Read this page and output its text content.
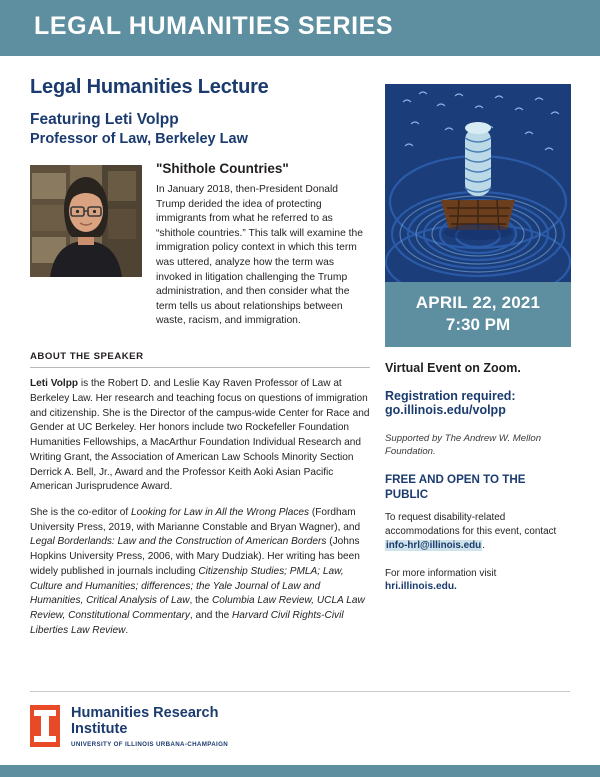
LEGAL HUMANITIES SERIES
Legal Humanities Lecture
Featuring Leti Volpp
Professor of Law, Berkeley Law
"Shithole Countries"

In January 2018, then-President Donald Trump derided the idea of protecting immigrants from what he referred to as “shithole countries.” This talk will examine the immigration policy context in which this term was uttered, analyze how the term was invoked in litigation challenging the Trump administration, and then consider what the term tells us about relationships between waste, racism, and immigration.

ABOUT THE SPEAKER

Leti Volpp is the Robert D. and Leslie Kay Raven Professor of Law at Berkeley Law. Her research and teaching focus on questions of immigration and citizenship. She is the Director of the campus-wide Center for Race and Gender at UC Berkeley. Her honors include two Rockefeller Foundation Humanities Fellowships, a MacArthur Foundation Individual Research and Writing Grant, the Association of American Law Schools Minority Section Derrick A. Bell, Jr., Award and the Professor Keith Aoki Asian Pacific American Jurisprudence Award.

She is the co-editor of Looking for Law in All the Wrong Places (Fordham University Press, 2019, with Marianne Constable and Bryan Wagner), and Legal Borderlands: Law and the Construction of American Borders (Johns Hopkins University Press, 2006, with Mary Dudziak). Her writing has been widely published in journals including Citizenship Studies; PMLA; Law, Culture and Humanities; differences; the Yale Journal of Law and Humanities, Critical Analysis of Law, the Columbia Law Review, UCLA Law Review, Constitutional Commentary, and the Harvard Civil Rights-Civil Liberties Law Review.

APRIL 22, 2021
7:30 PM
Virtual Event on Zoom.
Registration required:
go.illinois.edu/volpp
Supported by The Andrew W. Mellon Foundation.
FREE AND OPEN TO THE PUBLIC
To request disability-related accommodations for this event, contact info-hrl@illinois.edu.
For more information visit
hri.illinois.edu.
Humanities Research
Institute
UNIVERSITY OF ILLINOIS URBANA-CHAMPAIGN
